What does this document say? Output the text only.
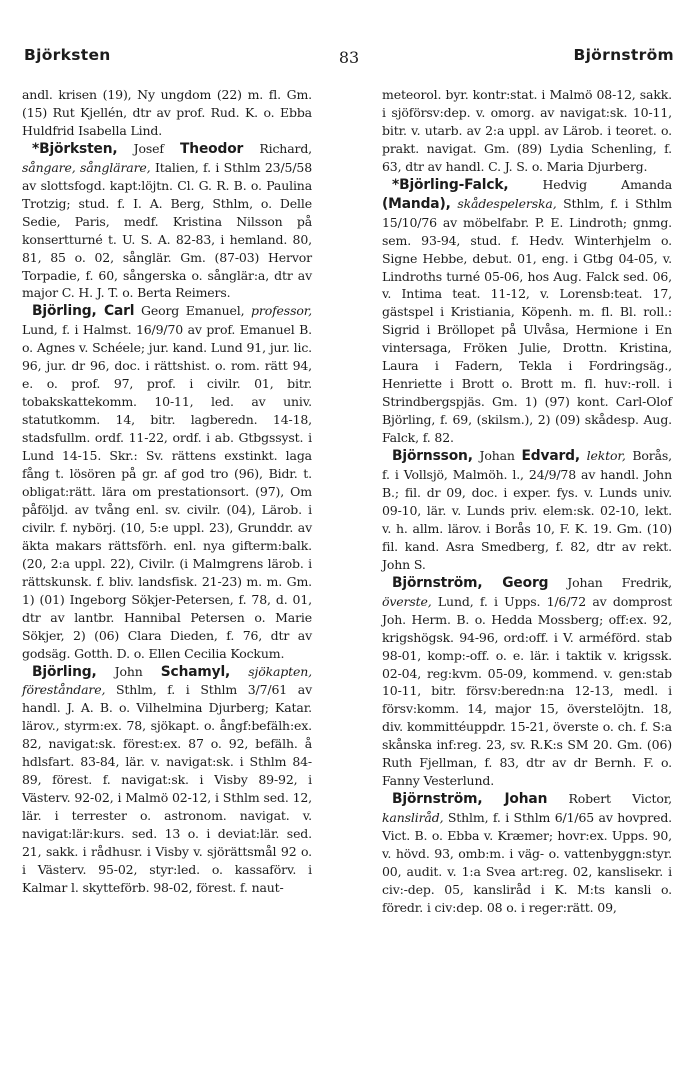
Björksten	83	Björnström

andl. krisen (19), Ny ungdom (22) m. fl. Gm. (15) Rut Kjellén, dtr av prof. Rud. K. o. Ebba Huldfrid Isabella Lind.

*Björksten, Josef Theodor Richard, sångare, sånglärare, Italien, f. i Sthlm 23/5/58 av slottsfogd. kapt:löjtn. Cl. G. R. B. o. Paulina Trotzig; stud. f. I. A. Berg, Sthlm, o. Delle Sedie, Paris, medf. Kristina Nilsson på konsertturné t. U. S. A. 82-83, i hemland. 80, 81, 85 o. 02, sånglär. Gm. (87-03) Hervor Torpadie, f. 60, sångerska o. sånglär:a, dtr av major C. H. J. T. o. Berta Reimers.

Björling, Carl Georg Emanuel, professor, Lund, f. i Halmst. 16/9/70 av prof. Emanuel B. o. Agnes v. Schéele; jur. kand. Lund 91, jur. lic. 96, jur. dr 96, doc. i rättshist. o. rom. rätt 94, e. o. prof. 97, prof. i civilr. 01, bitr. tobakskattekomm. 10-11, led. av univ. statutkomm. 14, bitr. lagberedn. 14-18, stadsfullm. ordf. 11-22, ordf. i ab. Gtbgssyst. i Lund 14-15. Skr.: Sv. rättens exstinkt. laga fång t. lösören på gr. af god tro (96), Bidr. t. obligat:rätt. lära om prestationsort. (97), Om påföljd. av tvång enl. sv. civilr. (04), Lärob. i civilr. f. nybörj. (10, 5:e uppl. 23), Grunddr. av äkta makars rättsförh. enl. nya gifterm:balk. (20, 2:a uppl. 22), Civilr. (i Malmgrens lärob. i rättskunsk. f. bliv. landsfisk. 21-23) m. m. Gm. 1) (01) Ingeborg Sökjer-Petersen, f. 78, d. 01, dtr av lantbr. Hannibal Petersen o. Marie Sökjer, 2) (06) Clara Dieden, f. 76, dtr av godsäg. Gotth. D. o. Ellen Cecilia Kockum.

Björling, John Schamyl, sjökapten, föreståndare, Sthlm, f. i Sthlm 3/7/61 av handl. J. A. B. o. Vilhelmina Djurberg; Katar. lärov., styrm:ex. 78, sjökapt. o. ångf:befälh:ex. 82, navigat:sk. förest:ex. 87 o. 92, befälh. å hdlsfart. 83-84, lär. v. navigat:sk. i Sthlm 84-89, förest. f. navigat:sk. i Visby 89-92, i Västerv. 92-02, i Malmö 02-12, i Sthlm sed. 12, lär. i terrester o. astronom. navigat. v. navigat:lär:kurs. sed. 13 o. i deviat:lär. sed. 21, sakk. i rådhusr. i Visby v. sjörättsmål 92 o. i Västerv. 95-02, styr:led. o. kassaförv. i Kalmar l. skytteförb. 98-02, förest. f. naut-

meteorol. byr. kontr:stat. i Malmö 08-12, sakk. i sjöförsv:dep. v. omorg. av navigat:sk. 10-11, bitr. v. utarb. av 2:a uppl. av Lärob. i teoret. o. prakt. navigat. Gm. (89) Lydia Schenling, f. 63, dtr av handl. C. J. S. o. Maria Djurberg.

*Björling-Falck, Hedvig Amanda (Manda), skådespelerska, Sthlm, f. i Sthlm 15/10/76 av möbelfabr. P. E. Lindroth; gnmg. sem. 93-94, stud. f. Hedv. Winterhjelm o. Signe Hebbe, debut. 01, eng. i Gtbg 04-05, v. Lindroths turné 05-06, hos Aug. Falck sed. 06, v. Intima teat. 11-12, v. Lorensb:teat. 17, gästspel i Kristiania, Köpenh. m. fl. Bl. roll.: Sigrid i Bröllopet på Ulvåsa, Hermione i En vintersaga, Fröken Julie, Drottn. Kristina, Laura i Fadern, Tekla i Fordringsäg., Henriette i Brott o. Brott m. fl. huv:-roll. i Strindbergspjäs. Gm. 1) (97) kont. Carl-Olof Björling, f. 69, (skilsm.), 2) (09) skådesp. Aug. Falck, f. 82.

Björnsson, Johan Edvard, lektor, Borås, f. i Vollsjö, Malmöh. l., 24/9/78 av handl. John B.; fil. dr 09, doc. i exper. fys. v. Lunds univ. 09-10, lär. v. Lunds priv. elem:sk. 02-10, lekt. v. h. allm. lärov. i Borås 10, F. K. 19. Gm. (10) fil. kand. Asra Smedberg, f. 82, dtr av rekt. John S.

Björnström, Georg Johan Fredrik, överste, Lund, f. i Upps. 1/6/72 av domprost Joh. Herm. B. o. Hedda Mossberg; off:ex. 92, krigshögsk. 94-96, ord:off. i V. arméförd. stab 98-01, komp:-off. o. e. lär. i taktik v. krigssk. 02-04, reg:kvm. 05-09, kommend. v. gen:stab 10-11, bitr. försv:beredn:na 12-13, medl. i försv:komm. 14, major 15, överstelöjtn. 18, div. kommittéuppdr. 15-21, överste o. ch. f. S:a skånska inf:reg. 23, sv. R.K:s SM 20. Gm. (06) Ruth Fjellman, f. 83, dtr av dr Bernh. F. o. Fanny Vesterlund.

Björnström, Johan Robert Victor, kansliråd, Sthlm, f. i Sthlm 6/1/65 av hovpred. Vict. B. o. Ebba v. Kræmer; hovr:ex. Upps. 90, v. hövd. 93, omb:m. i väg- o. vattenbyggn:styr. 00, audit. v. 1:a Svea art:reg. 02, kanslisekr. i civ:-dep. 05, kansliråd i K. M:ts kansli o. föredr. i civ:dep. 08 o. i reger:rätt. 09,
